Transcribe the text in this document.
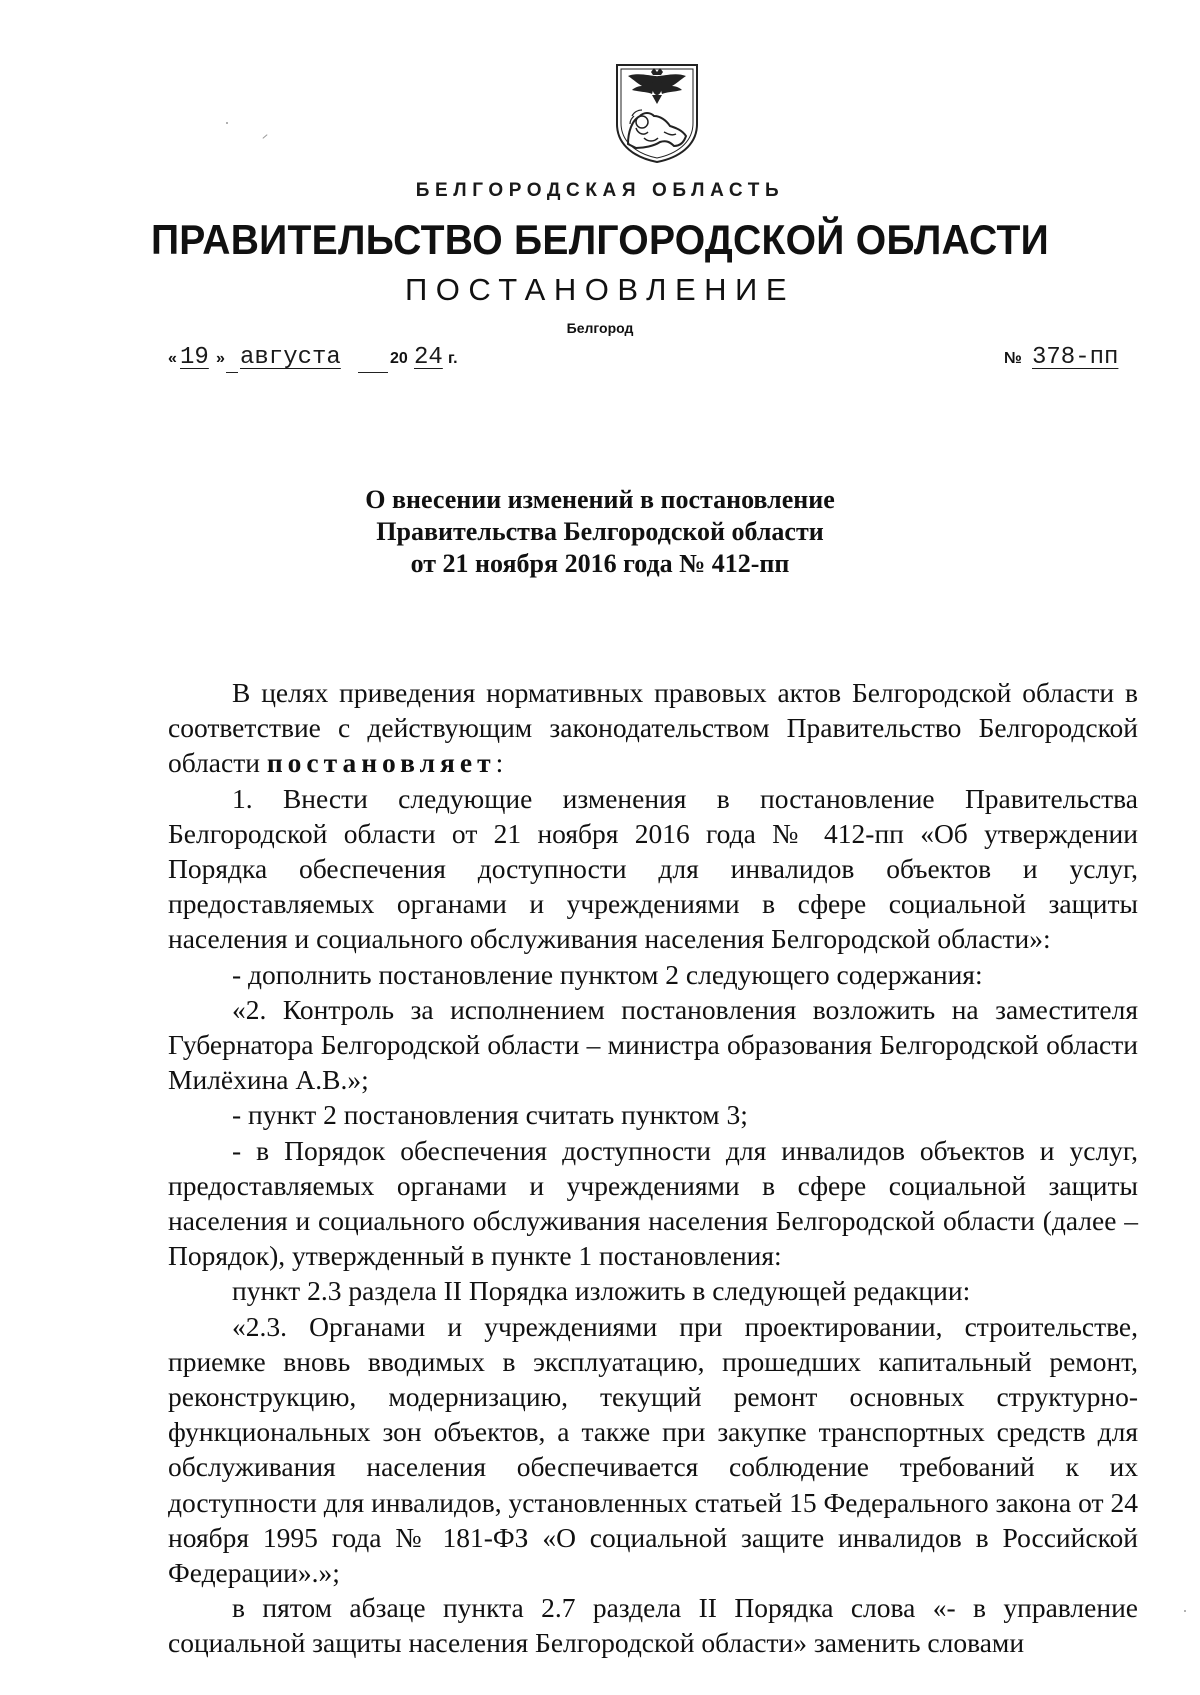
БЕЛГОРОДСКАЯ ОБЛАСТЬ
ПРАВИТЕЛЬСТВО БЕЛГОРОДСКОЙ ОБЛАСТИ
ПОСТАНОВЛЕНИЕ
Белгород
« 19 » августа	20 24 г.	№ 378-пп
О внесении изменений в постановление
Правительства Белгородской области
от 21 ноября 2016 года № 412-пп

В целях приведения нормативных правовых актов Белгородской области в соответствие с действующим законодательством Правительство Белгородской области постановляет:

1. Внести следующие изменения в постановление Правительства Белгородской области от 21 ноября 2016 года № 412-пп «Об утверждении Порядка обеспечения доступности для инвалидов объектов и услуг, предоставляемых органами и учреждениями в сфере социальной защиты населения и социального обслуживания населения Белгородской области»:

- дополнить постановление пунктом 2 следующего содержания:

«2. Контроль за исполнением постановления возложить на заместителя Губернатора Белгородской области – министра образования Белгородской области Милёхина А.В.»;

- пункт 2 постановления считать пунктом 3;

- в Порядок обеспечения доступности для инвалидов объектов и услуг, предоставляемых органами и учреждениями в сфере социальной защиты населения и социального обслуживания населения Белгородской области (далее – Порядок), утвержденный в пункте 1 постановления:

пункт 2.3 раздела II Порядка изложить в следующей редакции:

«2.3. Органами и учреждениями при проектировании, строительстве, приемке вновь вводимых в эксплуатацию, прошедших капитальный ремонт, реконструкцию, модернизацию, текущий ремонт основных структурно-функциональных зон объектов, а также при закупке транспортных средств для обслуживания населения обеспечивается соблюдение требований к их доступности для инвалидов, установленных статьей 15 Федерального закона от 24 ноября 1995 года № 181-ФЗ «О социальной защите инвалидов в Российской Федерации».»;

в пятом абзаце пункта 2.7 раздела II Порядка слова «- в управление социальной защиты населения Белгородской области» заменить словами
